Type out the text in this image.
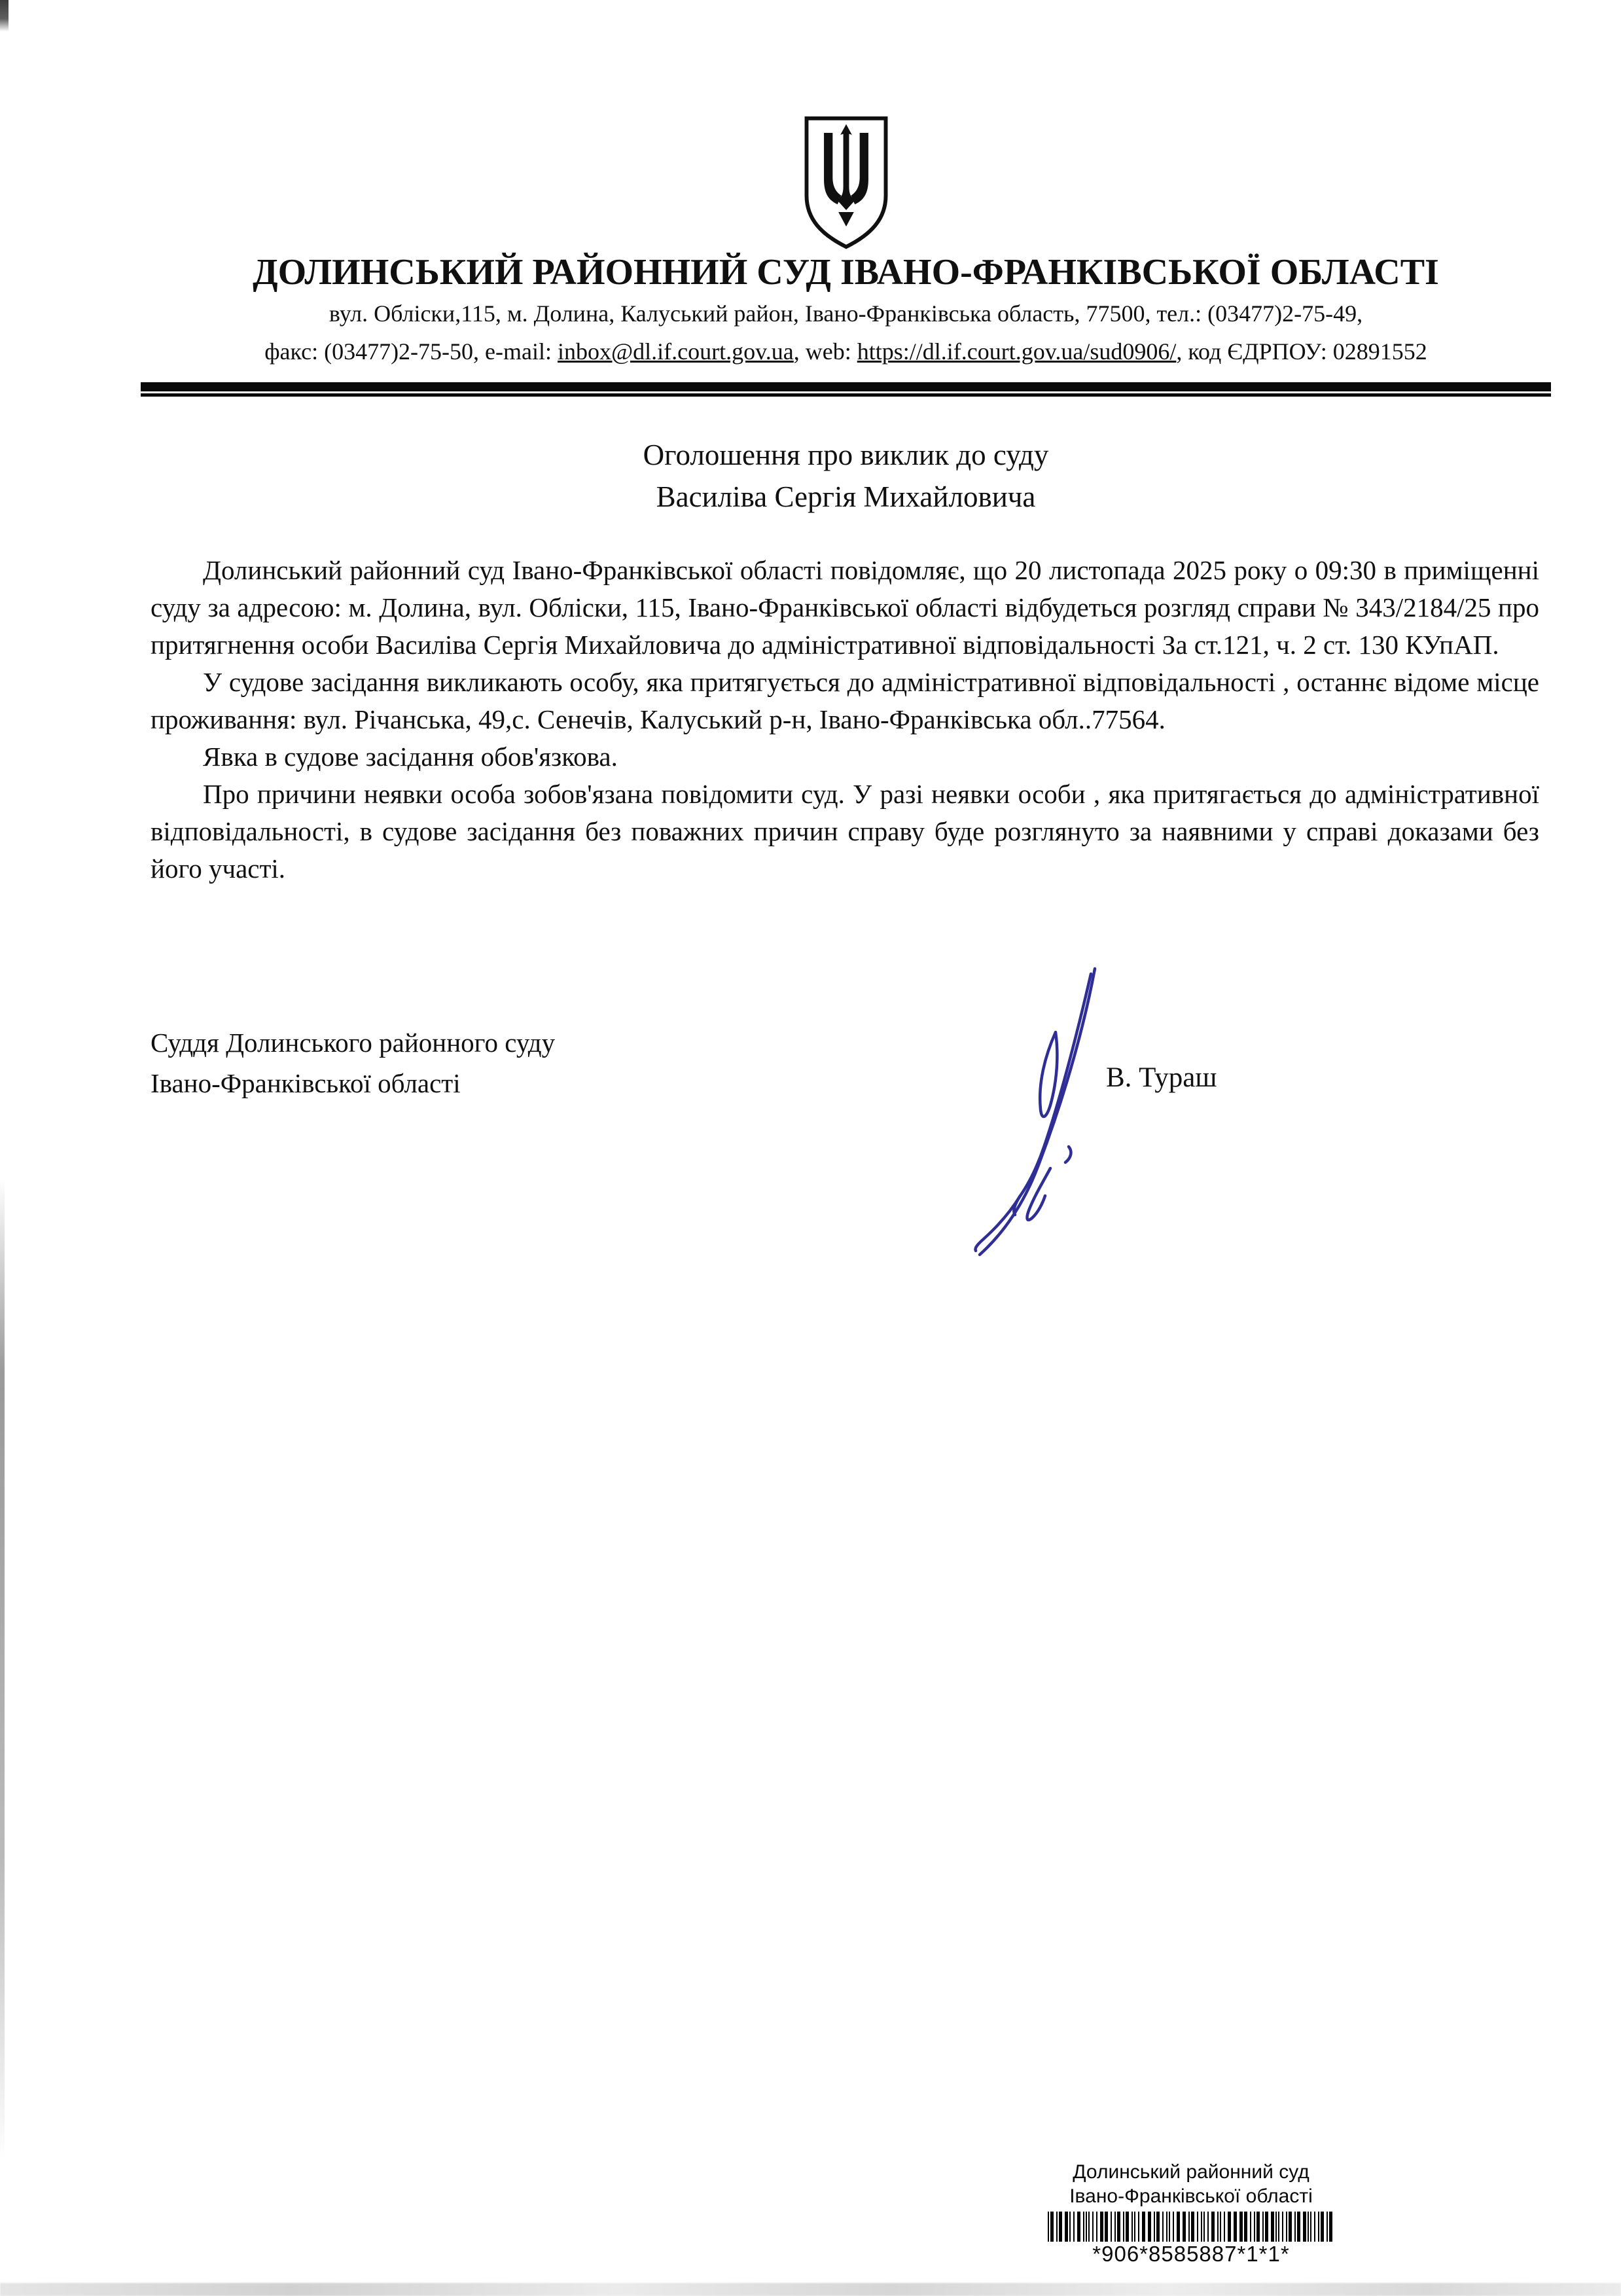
ДОЛИНСЬКИЙ РАЙОННИЙ СУД ІВАНО-ФРАНКІВСЬКОЇ ОБЛАСТІ
вул. Обліски,115, м. Долина, Калуський район, Івано-Франківська область, 77500, тел.: (03477)2-75-49,
факс: (03477)2-75-50, e-mail: inbox@dl.if.court.gov.ua, web: https://dl.if.court.gov.ua/sud0906/, код ЄДРПОУ: 02891552
Оголошення про виклик до суду
Василіва Сергія Михайловича

Долинський районний суд Івано-Франківської області повідомляє, що 20 листопада 2025 року о 09:30 в приміщенні суду за адресою: м. Долина, вул. Обліски, 115, Івано-Франківської області відбудеться розгляд справи № 343/2184/25 про притягнення особи Василіва Сергія Михайловича до адміністративної відповідальності За ст.121, ч. 2 ст. 130 КУпАП.

У судове засідання викликають особу, яка притягується до адміністративної відповідальності , останнє відоме місце проживання: вул. Річанська, 49,с. Сенечів, Калуський р-н, Івано-Франківська обл..77564.

Явка в судове засідання обов'язкова.

Про причини неявки особа зобов'язана повідомити суд. У разі неявки особи , яка притягається до адміністративної відповідальності, в судове засідання без поважних причин справу буде розглянуто за наявними у справі доказами без його участі.

Суддя Долинського районного суду
Івано-Франківської області	В. Тураш
Долинський районний суд
Івано-Франківської області
*906*8585887*1*1*
